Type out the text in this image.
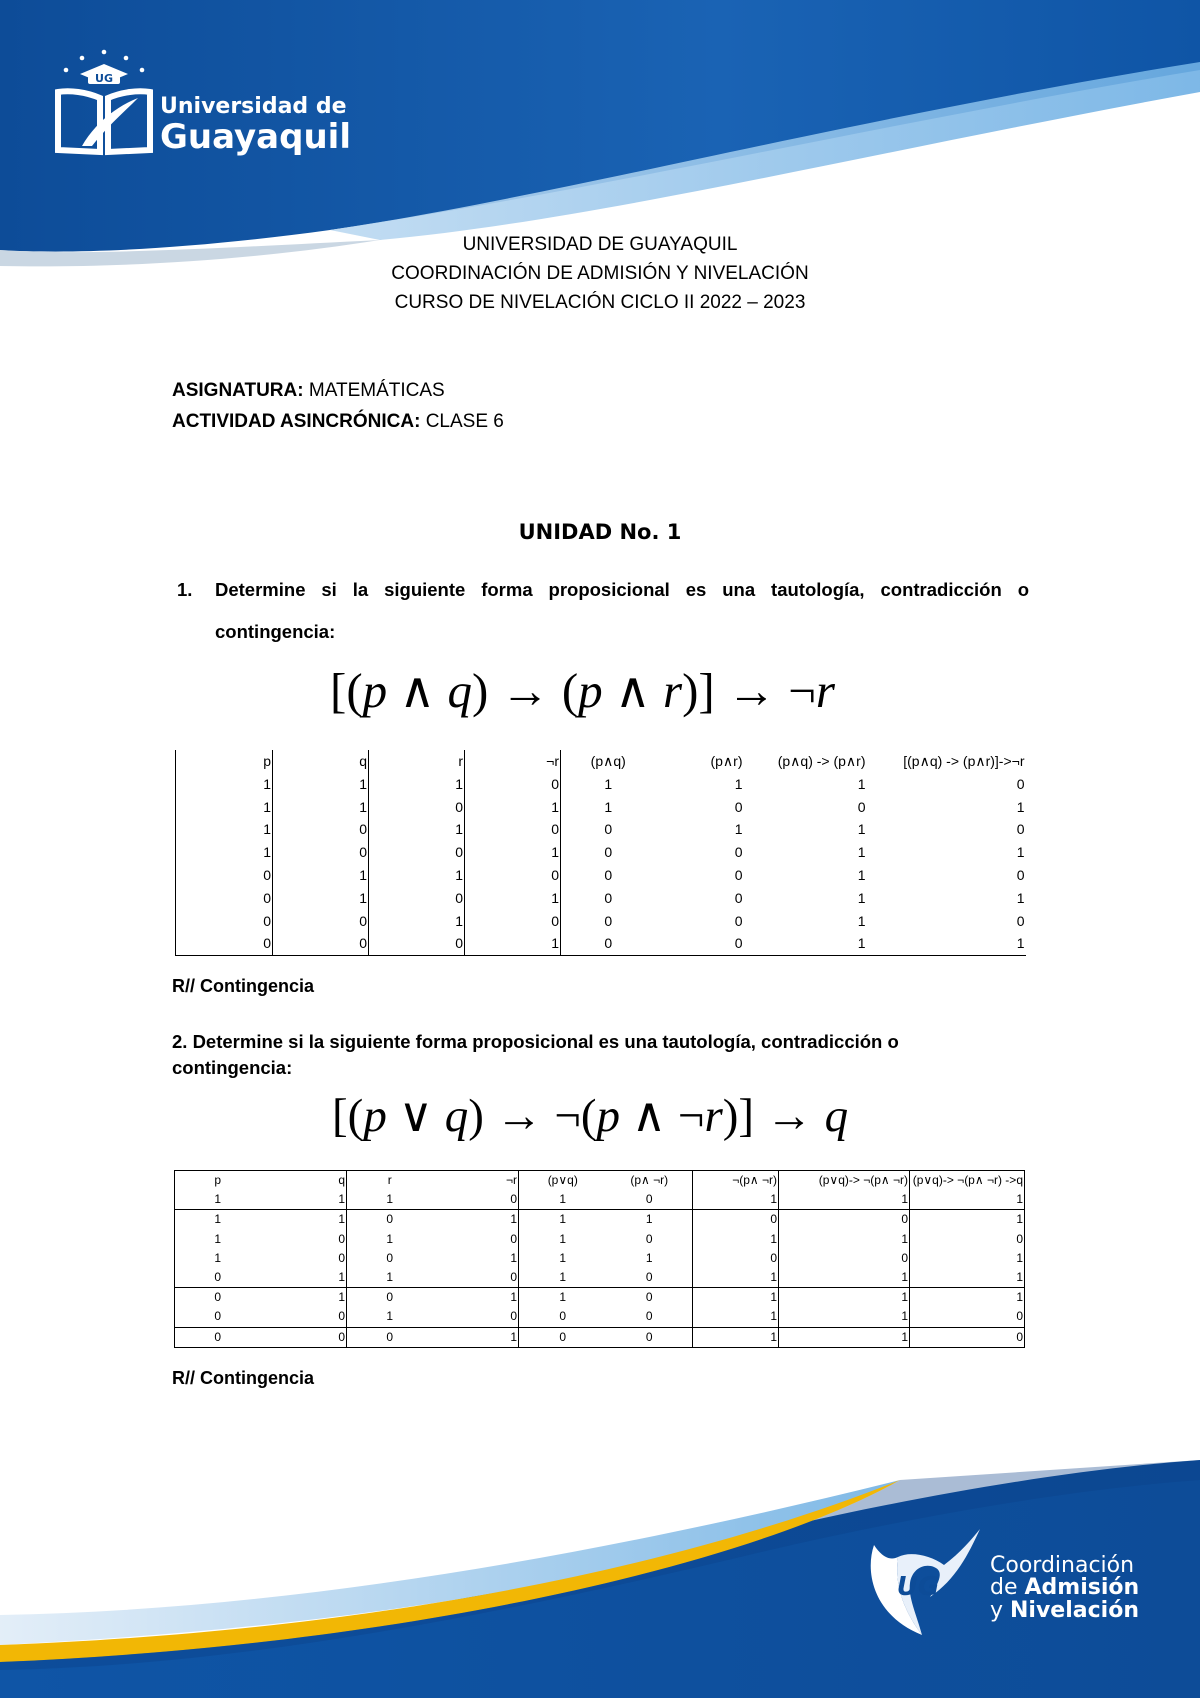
UG
Universidad de
Guayaquil
UNIVERSIDAD DE GUAYAQUIL
COORDINACIÓN DE ADMISIÓN Y NIVELACIÓN
CURSO DE NIVELACIÓN CICLO II 2022 – 2023
ASIGNATURA: MATEMÁTICAS
ACTIVIDAD ASINCRÓNICA: CLASE 6
UNIDAD No. 1
1. Determine si la siguiente forma proposicional es una tautología, contradicción o
contingencia:
[(p ∧ q) → (p ∧ r)] → ¬r
p	q	r	¬r	(p∧q)	(p∧r)	(p∧q) -> (p∧r)	[(p∧q) -> (p∧r)]->¬r
1	1	1	0	1	1	1	0
1	1	0	1	1	0	0	1
1	0	1	0	0	1	1	0
1	0	0	1	0	0	1	1
0	1	1	0	0	0	1	0
0	1	0	1	0	0	1	1
0	0	1	0	0	0	1	0
0	0	0	1	0	0	1	1
R// Contingencia
2. Determine si la siguiente forma proposicional es una tautología, contradicción o
contingencia:
[(p ∨ q) → ¬(p ∧ ¬r)] → q
p	q	r	¬r	(p∨q)	(p∧ ¬r)	¬(p∧ ¬r)	(p∨q)-> ¬(p∧ ¬r)	(p∨q)-> ¬(p∧ ¬r) ->q
1	1	1	0	1	0	1	1	1
1	1	0	1	1	1	0	0	1
1	0	1	0	1	0	1	1	0
1	0	0	1	1	1	0	0	1
0	1	1	0	1	0	1	1	1
0	1	0	1	1	0	1	1	1
0	0	1	0	0	0	1	1	0
0	0	0	1	0	0	1	1	0
R// Contingencia
UG
Coordinación
de Admisión
y Nivelación
